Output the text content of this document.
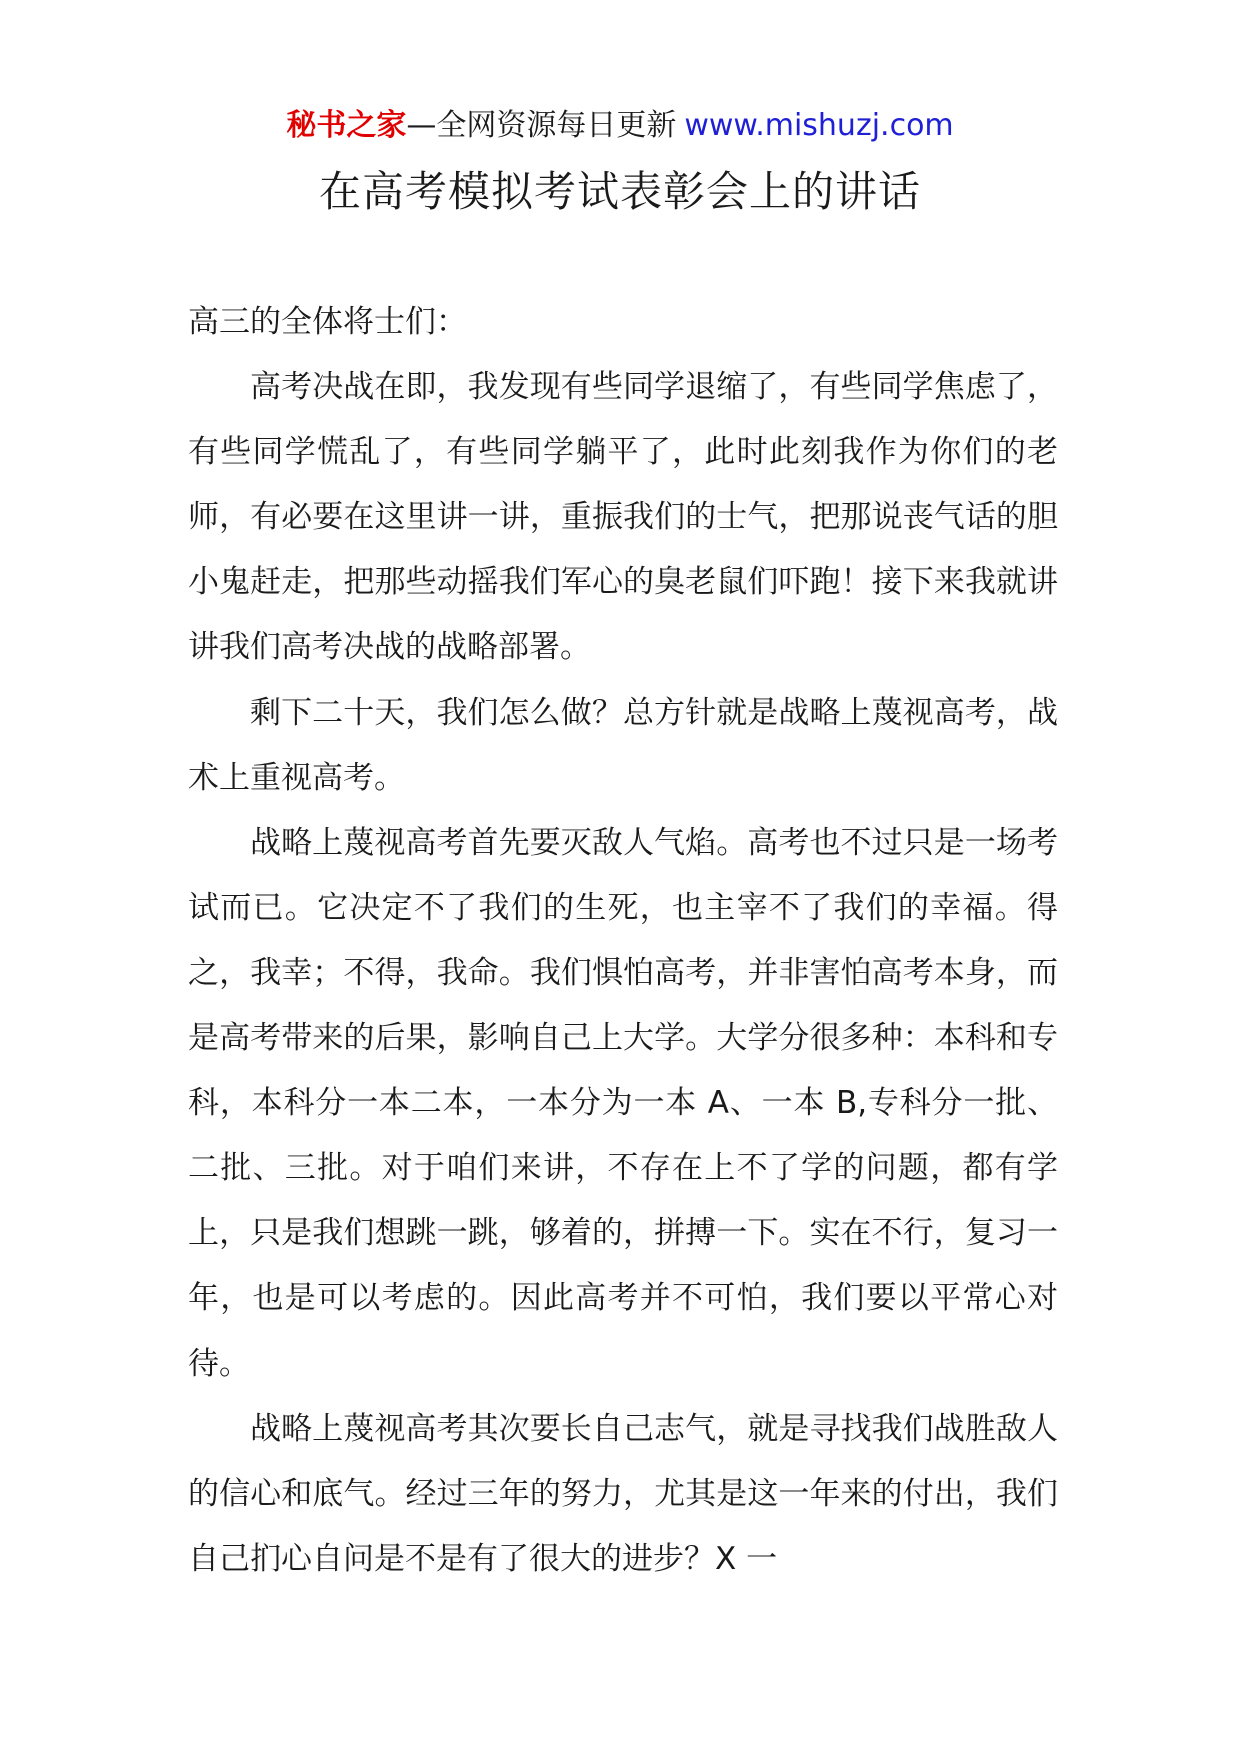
秘书之家—全网资源每日更新 www.mishuzj.com
在高考模拟考试表彰会上的讲话

高三的全体将士们：

高考决战在即，我发现有些同学退缩了，有些同学焦虑了，有些同学慌乱了，有些同学躺平了，此时此刻我作为你们的老师，有必要在这里讲一讲，重振我们的士气，把那说丧气话的胆小鬼赶走，把那些动摇我们军心的臭老鼠们吓跑！接下来我就讲讲我们高考决战的战略部署。

剩下二十天，我们怎么做？总方针就是战略上蔑视高考，战术上重视高考。

战略上蔑视高考首先要灭敌人气焰。高考也不过只是一场考试而已。它决定不了我们的生死，也主宰不了我们的幸福。得之，我幸；不得，我命。我们惧怕高考，并非害怕高考本身，而是高考带来的后果，影响自己上大学。大学分很多种：本科和专科，本科分一本二本，一本分为一本 A、一本 B,专科分一批、二批、三批。对于咱们来讲，不存在上不了学的问题，都有学上，只是我们想跳一跳，够着的，拼搏一下。实在不行，复习一年，也是可以考虑的。因此高考并不可怕，我们要以平常心对待。

战略上蔑视高考其次要长自己志气，就是寻找我们战胜敌人的信心和底气。经过三年的努力，尤其是这一年来的付出，我们自己扪心自问是不是有了很大的进步？X 一
